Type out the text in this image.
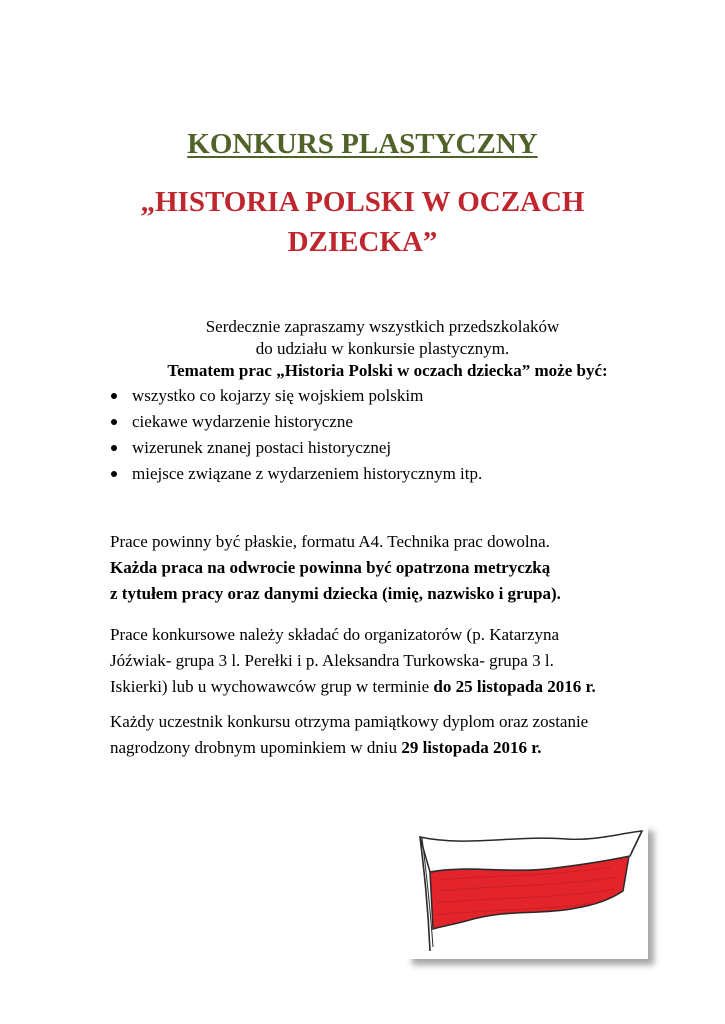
KONKURS PLASTYCZNY
„HISTORIA POLSKI W OCZACH
DZIECKA”
Serdecznie zapraszamy wszystkich przedszkolaków
do udziału w konkursie plastycznym.
Tematem prac „Historia Polski w oczach dziecka” może być:
wszystko co kojarzy się wojskiem polskim
ciekawe wydarzenie historyczne
wizerunek znanej postaci historycznej
miejsce związane z wydarzeniem historycznym itp.
Prace powinny być płaskie, formatu A4. Technika prac dowolna.
Każda praca na odwrocie powinna być opatrzona metryczką
z tytułem pracy oraz danymi dziecka (imię, nazwisko i grupa).
Prace konkursowe należy składać do organizatorów (p. Katarzyna
Jóźwiak- grupa 3 l. Perełki i p. Aleksandra Turkowska- grupa 3 l.
Iskierki) lub u wychowawców grup w terminie do 25 listopada 2016 r.
Każdy uczestnik konkursu otrzyma pamiątkowy dyplom oraz zostanie
nagrodzony drobnym upominkiem w dniu 29 listopada 2016 r.
